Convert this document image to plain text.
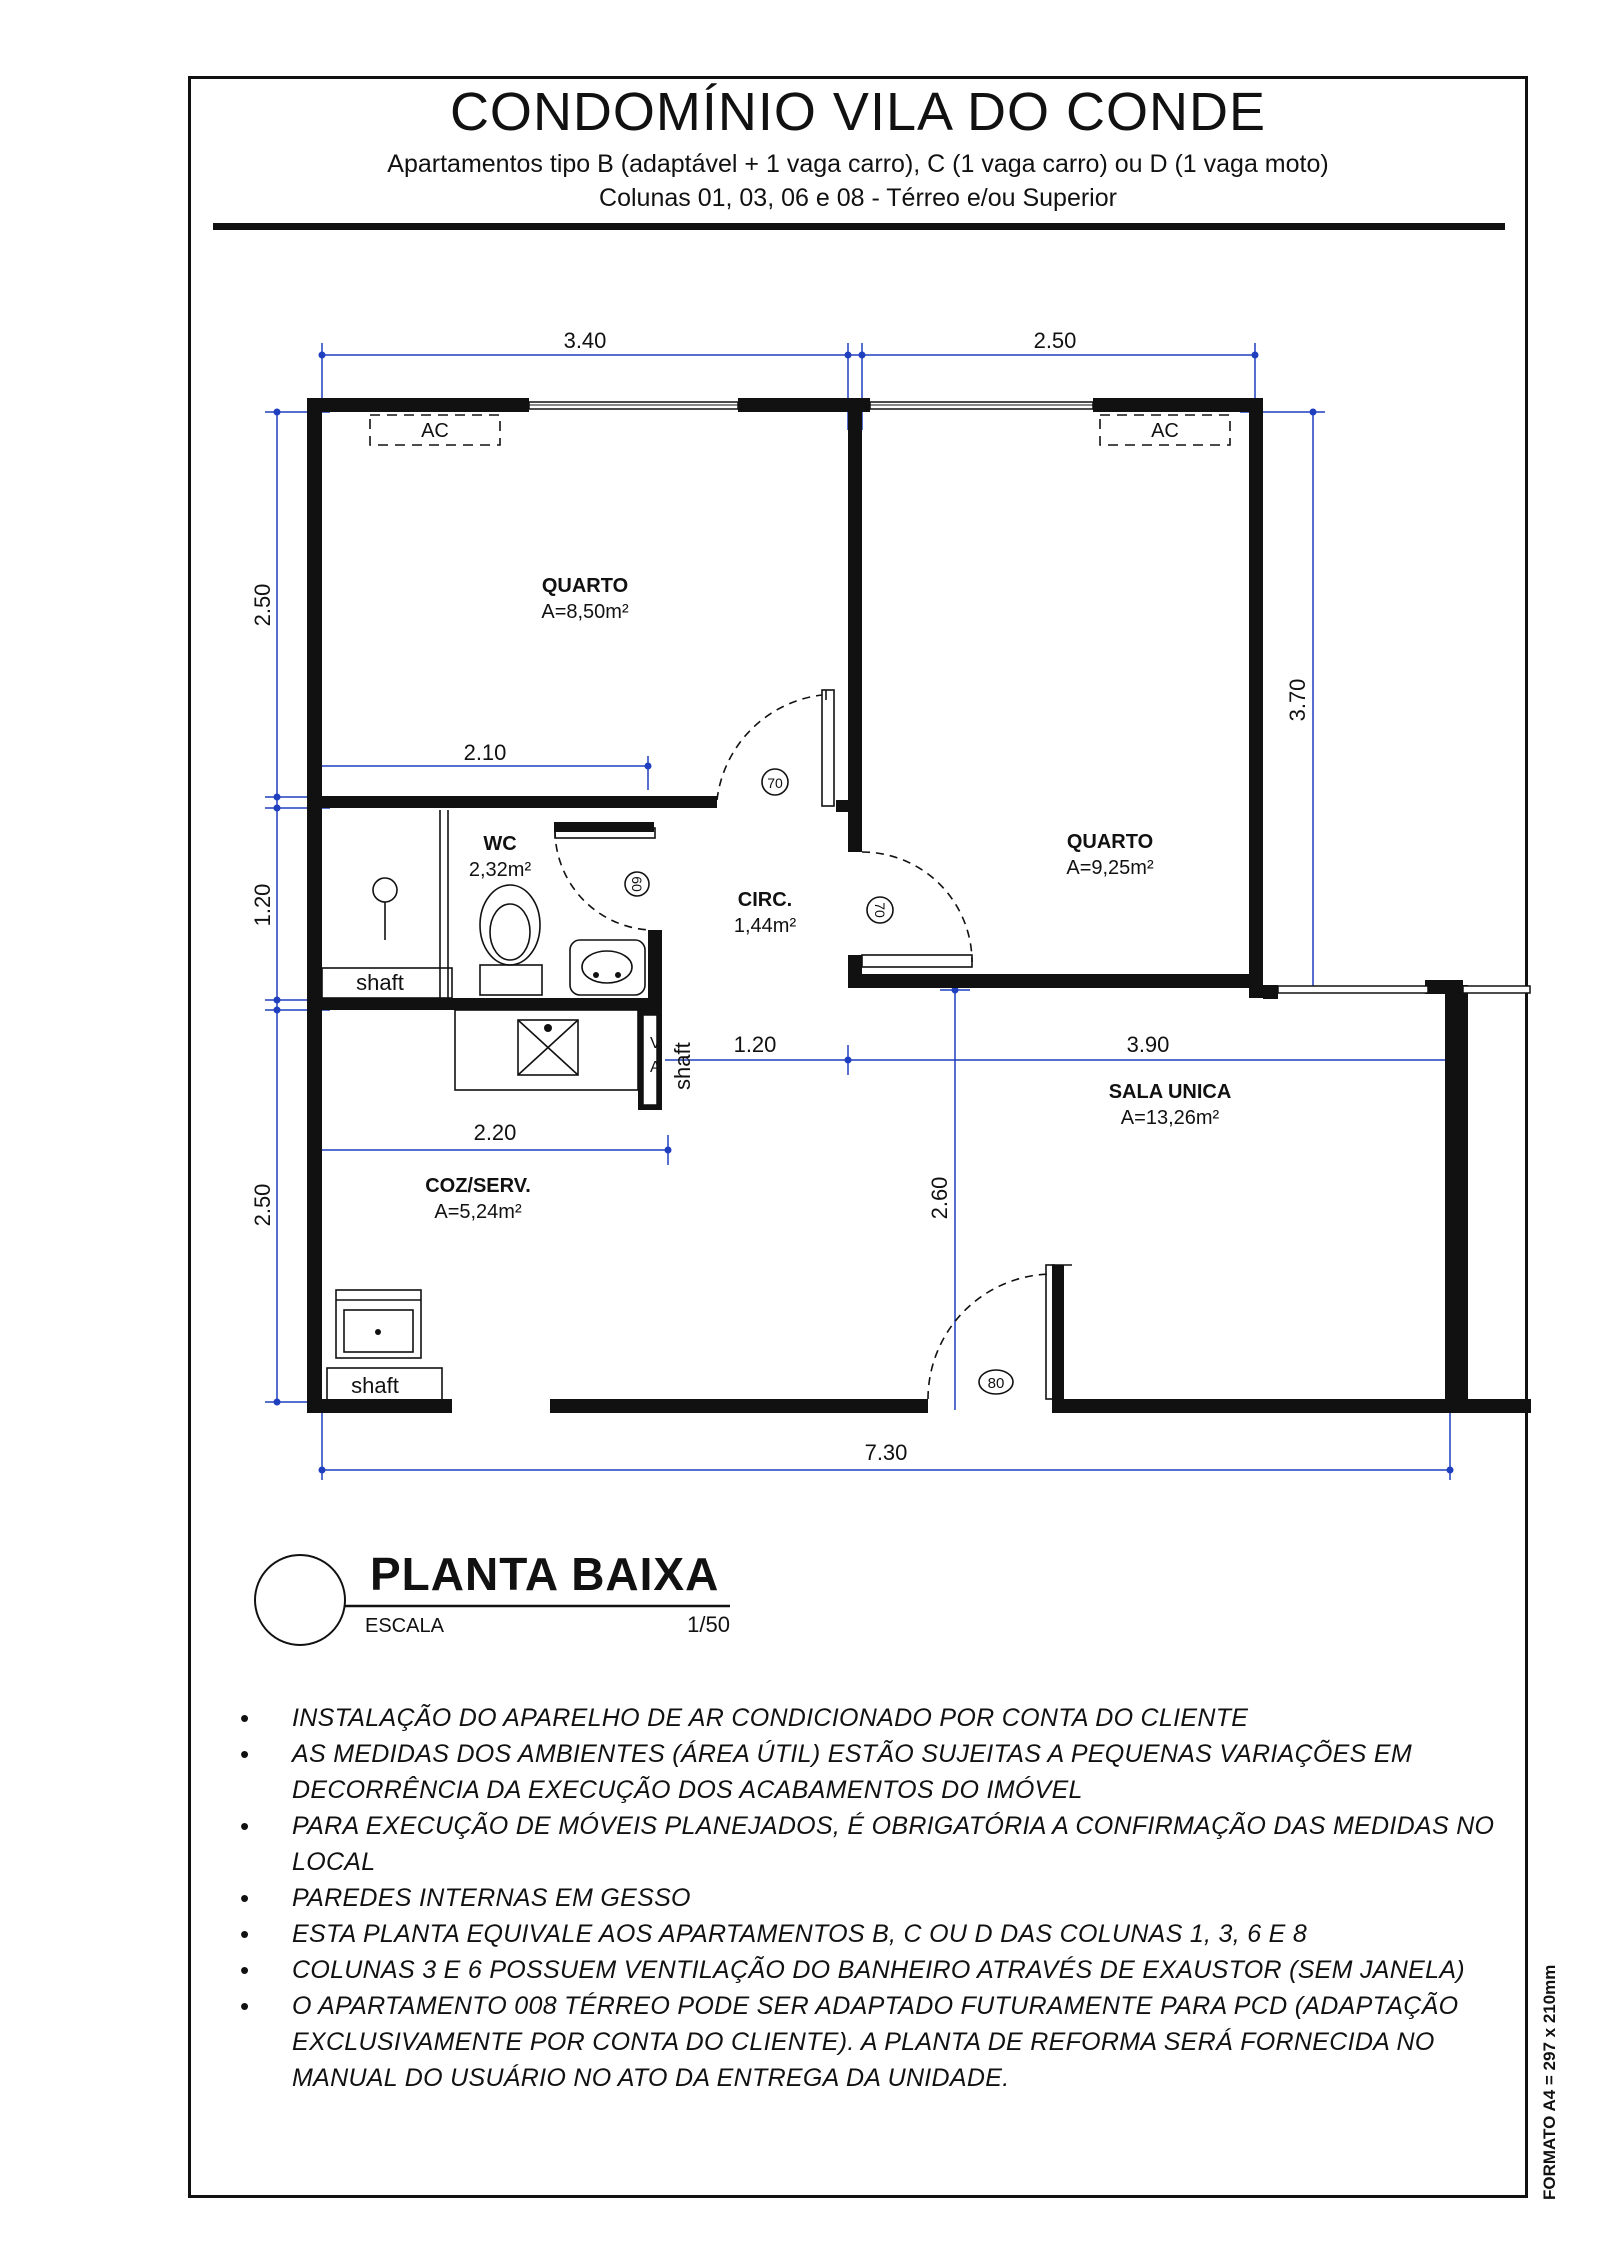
CONDOMÍNIO VILA DO CONDE
Apartamentos tipo B (adaptável + 1 vaga carro), C (1 vaga carro) ou D (1 vaga moto)
Colunas 01, 03, 06 e 08 - Térreo e/ou Superior
3.40	2.50
2.50
1.20
2.50
3.70
2.10
1.20	3.90
2.20
2.60
7.30
AC	AC
shaft
shaft
V
A
shaft
70
60
70
80
QUARTO
A=8,50m²
QUARTO
A=9,25m²
WC
2,32m²
CIRC.
1,44m²
SALA UNICA
A=13,26m²
COZ/SERV.
A=5,24m²
PLANTA BAIXA
ESCALA	1/50
• INSTALAÇÃO DO APARELHO DE AR CONDICIONADO POR CONTA DO CLIENTE
• AS MEDIDAS DOS AMBIENTES (ÁREA ÚTIL) ESTÃO SUJEITAS A PEQUENAS VARIAÇÕES EM DECORRÊNCIA DA EXECUÇÃO DOS ACABAMENTOS DO IMÓVEL
• PARA EXECUÇÃO DE MÓVEIS PLANEJADOS, É OBRIGATÓRIA A CONFIRMAÇÃO DAS MEDIDAS NO LOCAL
• PAREDES INTERNAS EM GESSO
• ESTA PLANTA EQUIVALE AOS APARTAMENTOS B, C OU D DAS COLUNAS 1, 3, 6 E 8
• COLUNAS 3 E 6 POSSUEM VENTILAÇÃO DO BANHEIRO ATRAVÉS DE EXAUSTOR (SEM JANELA)
• O APARTAMENTO 008 TÉRREO PODE SER ADAPTADO FUTURAMENTE PARA PCD (ADAPTAÇÃO EXCLUSIVAMENTE POR CONTA DO CLIENTE). A PLANTA DE REFORMA SERÁ FORNECIDA NO MANUAL DO USUÁRIO NO ATO DA ENTREGA DA UNIDADE.	FORMATO A4 = 297 x 210mm
